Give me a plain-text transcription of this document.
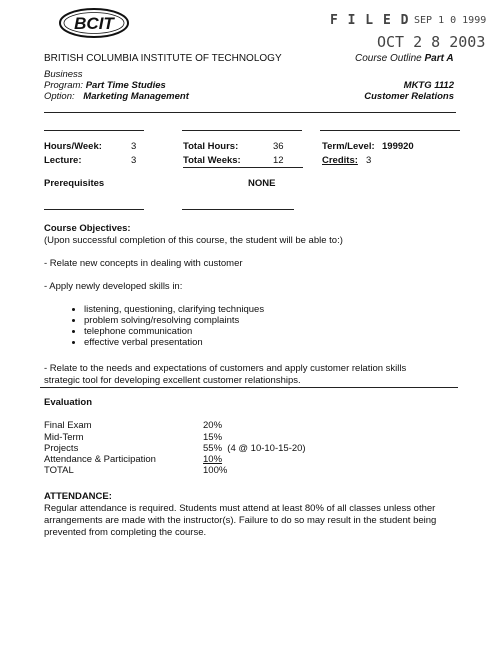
BCIT	F I L E D SEP 1 0 1999
OCT 2 8 2003
BRITISH COLUMBIA INSTITUTE OF TECHNOLOGY	Course Outline Part A
Business
Program: Part Time Studies
Option: Marketing Management
MKTG 1112
Customer Relations
Hours/Week:	3	Total Hours:	36	Term/Level: 199920
Lecture:	3	Total Weeks:	12	Credits: 3
Prerequisites	NONE
Course Objectives:
(Upon successful completion of this course, the student will be able to:)
- Relate new concepts in dealing with customer
- Apply newly developed skills in:
• listening, questioning, clarifying techniques
• problem solving/resolving complaints
• telephone communication
• effective verbal presentation
- Relate to the needs and expectations of customers and apply customer relation skills
strategic tool for developing excellent customer relationships.
Evaluation
Final Exam	20%
Mid-Term	15%
Projects	55%  (4 @ 10-10-15-20)
Attendance & Participation	10%
TOTAL	100%
ATTENDANCE:
Regular attendance is required. Students must attend at least 80% of all classes unless other arrangements are made with the instructor(s). Failure to do so may result in the student being prevented from completing the course.
